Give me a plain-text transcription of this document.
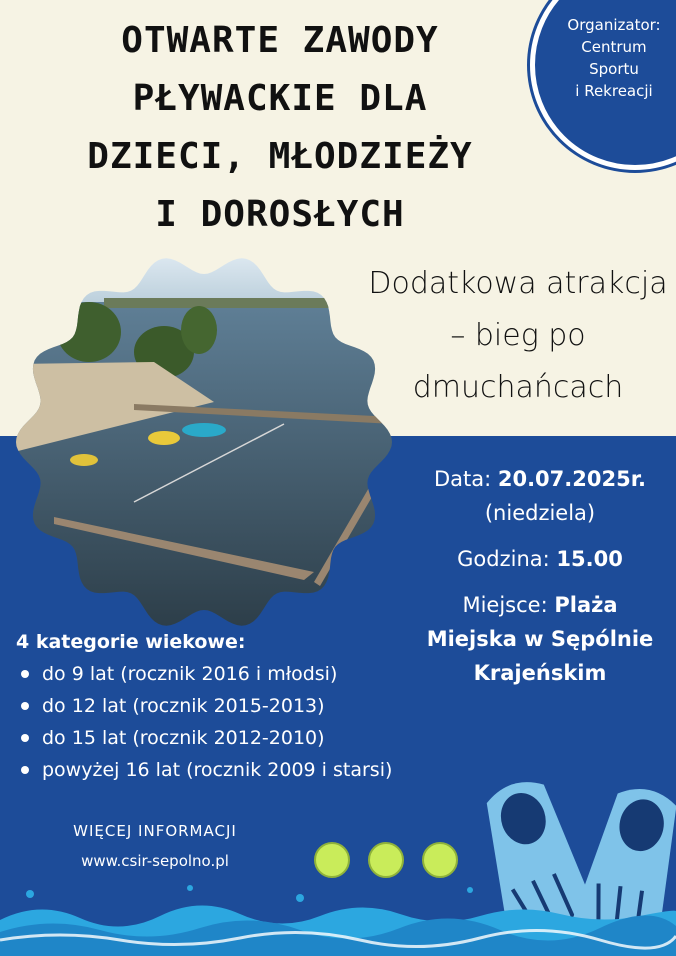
Organizator:
Centrum
Sportu
i Rekreacji
OTWARTE ZAWODY
PŁYWACKIE DLA
DZIECI, MŁODZIEŻY
I DOROSŁYCH
Dodatkowa atrakcja
– bieg po
dmuchańcach
Data: 20.07.2025r.
(niedziela)
Godzina: 15.00
Miejsce: Plaża
Miejska w Sępólnie
Krajeńskim
4 kategorie wiekowe:
do 9 lat (rocznik 2016 i młodsi)
do 12 lat (rocznik 2015-2013)
do 15 lat (rocznik 2012-2010)
powyżej 16 lat (rocznik 2009 i starsi)
WIĘCEJ INFORMACJI
www.csir-sepolno.pl
